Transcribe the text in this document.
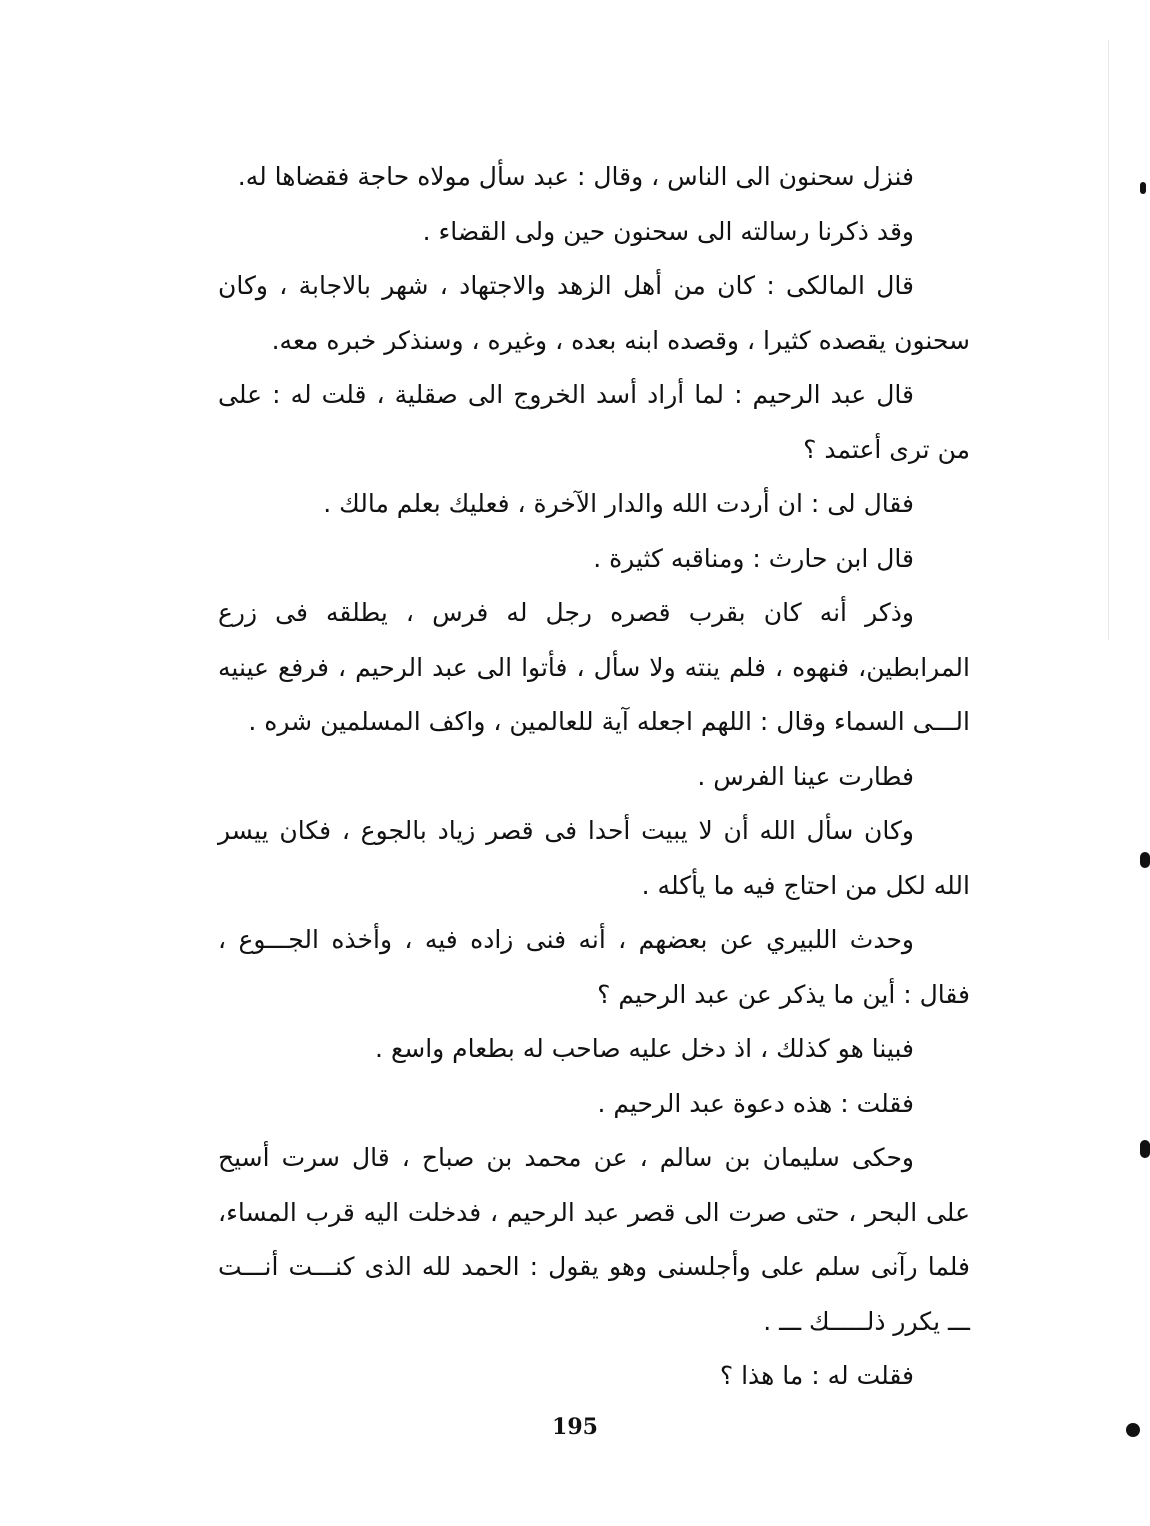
فنزل سحنون الى الناس ، وقال : عبد سأل مولاه حاجة فقضاها له.

وقد ذكرنا رسالته الى سحنون حين ولى القضاء .

قال المالكى : كان من أهل الزهد والاجتهاد ، شهر بالاجابة ، وكان سحنون يقصده كثيرا ، وقصده ابنه بعده ، وغيره ، وسنذكر خبره معه.

قال عبد الرحيم : لما أراد أسد الخروج الى صقلية ، قلت له : على من ترى أعتمد ؟

فقال لى : ان أردت الله والدار الآخرة ، فعليك بعلم مالك .

قال ابن حارث : ومناقبه كثيرة .

وذكر أنه كان بقرب قصره رجل له فرس ، يطلقه فى زرع المرابطين، فنهوه ، فلم ينته ولا سأل ، فأتوا الى عبد الرحيم ، فرفع عينيه الـــى السماء وقال : اللهم اجعله آية للعالمين ، واكف المسلمين شره .

فطارت عينا الفرس .

وكان سأل الله أن لا يبيت أحدا فى قصر زياد بالجوع ، فكان ييسر الله لكل من احتاج فيه ما يأكله .

وحدث اللبيري عن بعضهم ، أنه فنى زاده فيه ، وأخذه الجـــوع ، فقال : أين ما يذكر عن عبد الرحيم ؟

فبينا هو كذلك ، اذ دخل عليه صاحب له بطعام واسع .

فقلت : هذه دعوة عبد الرحيم .

وحكى سليمان بن سالم ، عن محمد بن صباح ، قال سرت أسيح على البحر ، حتى صرت الى قصر عبد الرحيم ، فدخلت اليه قرب المساء، فلما رآنى سلم على وأجلسنى وهو يقول : الحمد لله الذى كنـــت أنـــت ـــ يكرر ذلـــــك ـــ .

فقلت له : ما هذا ؟

195
